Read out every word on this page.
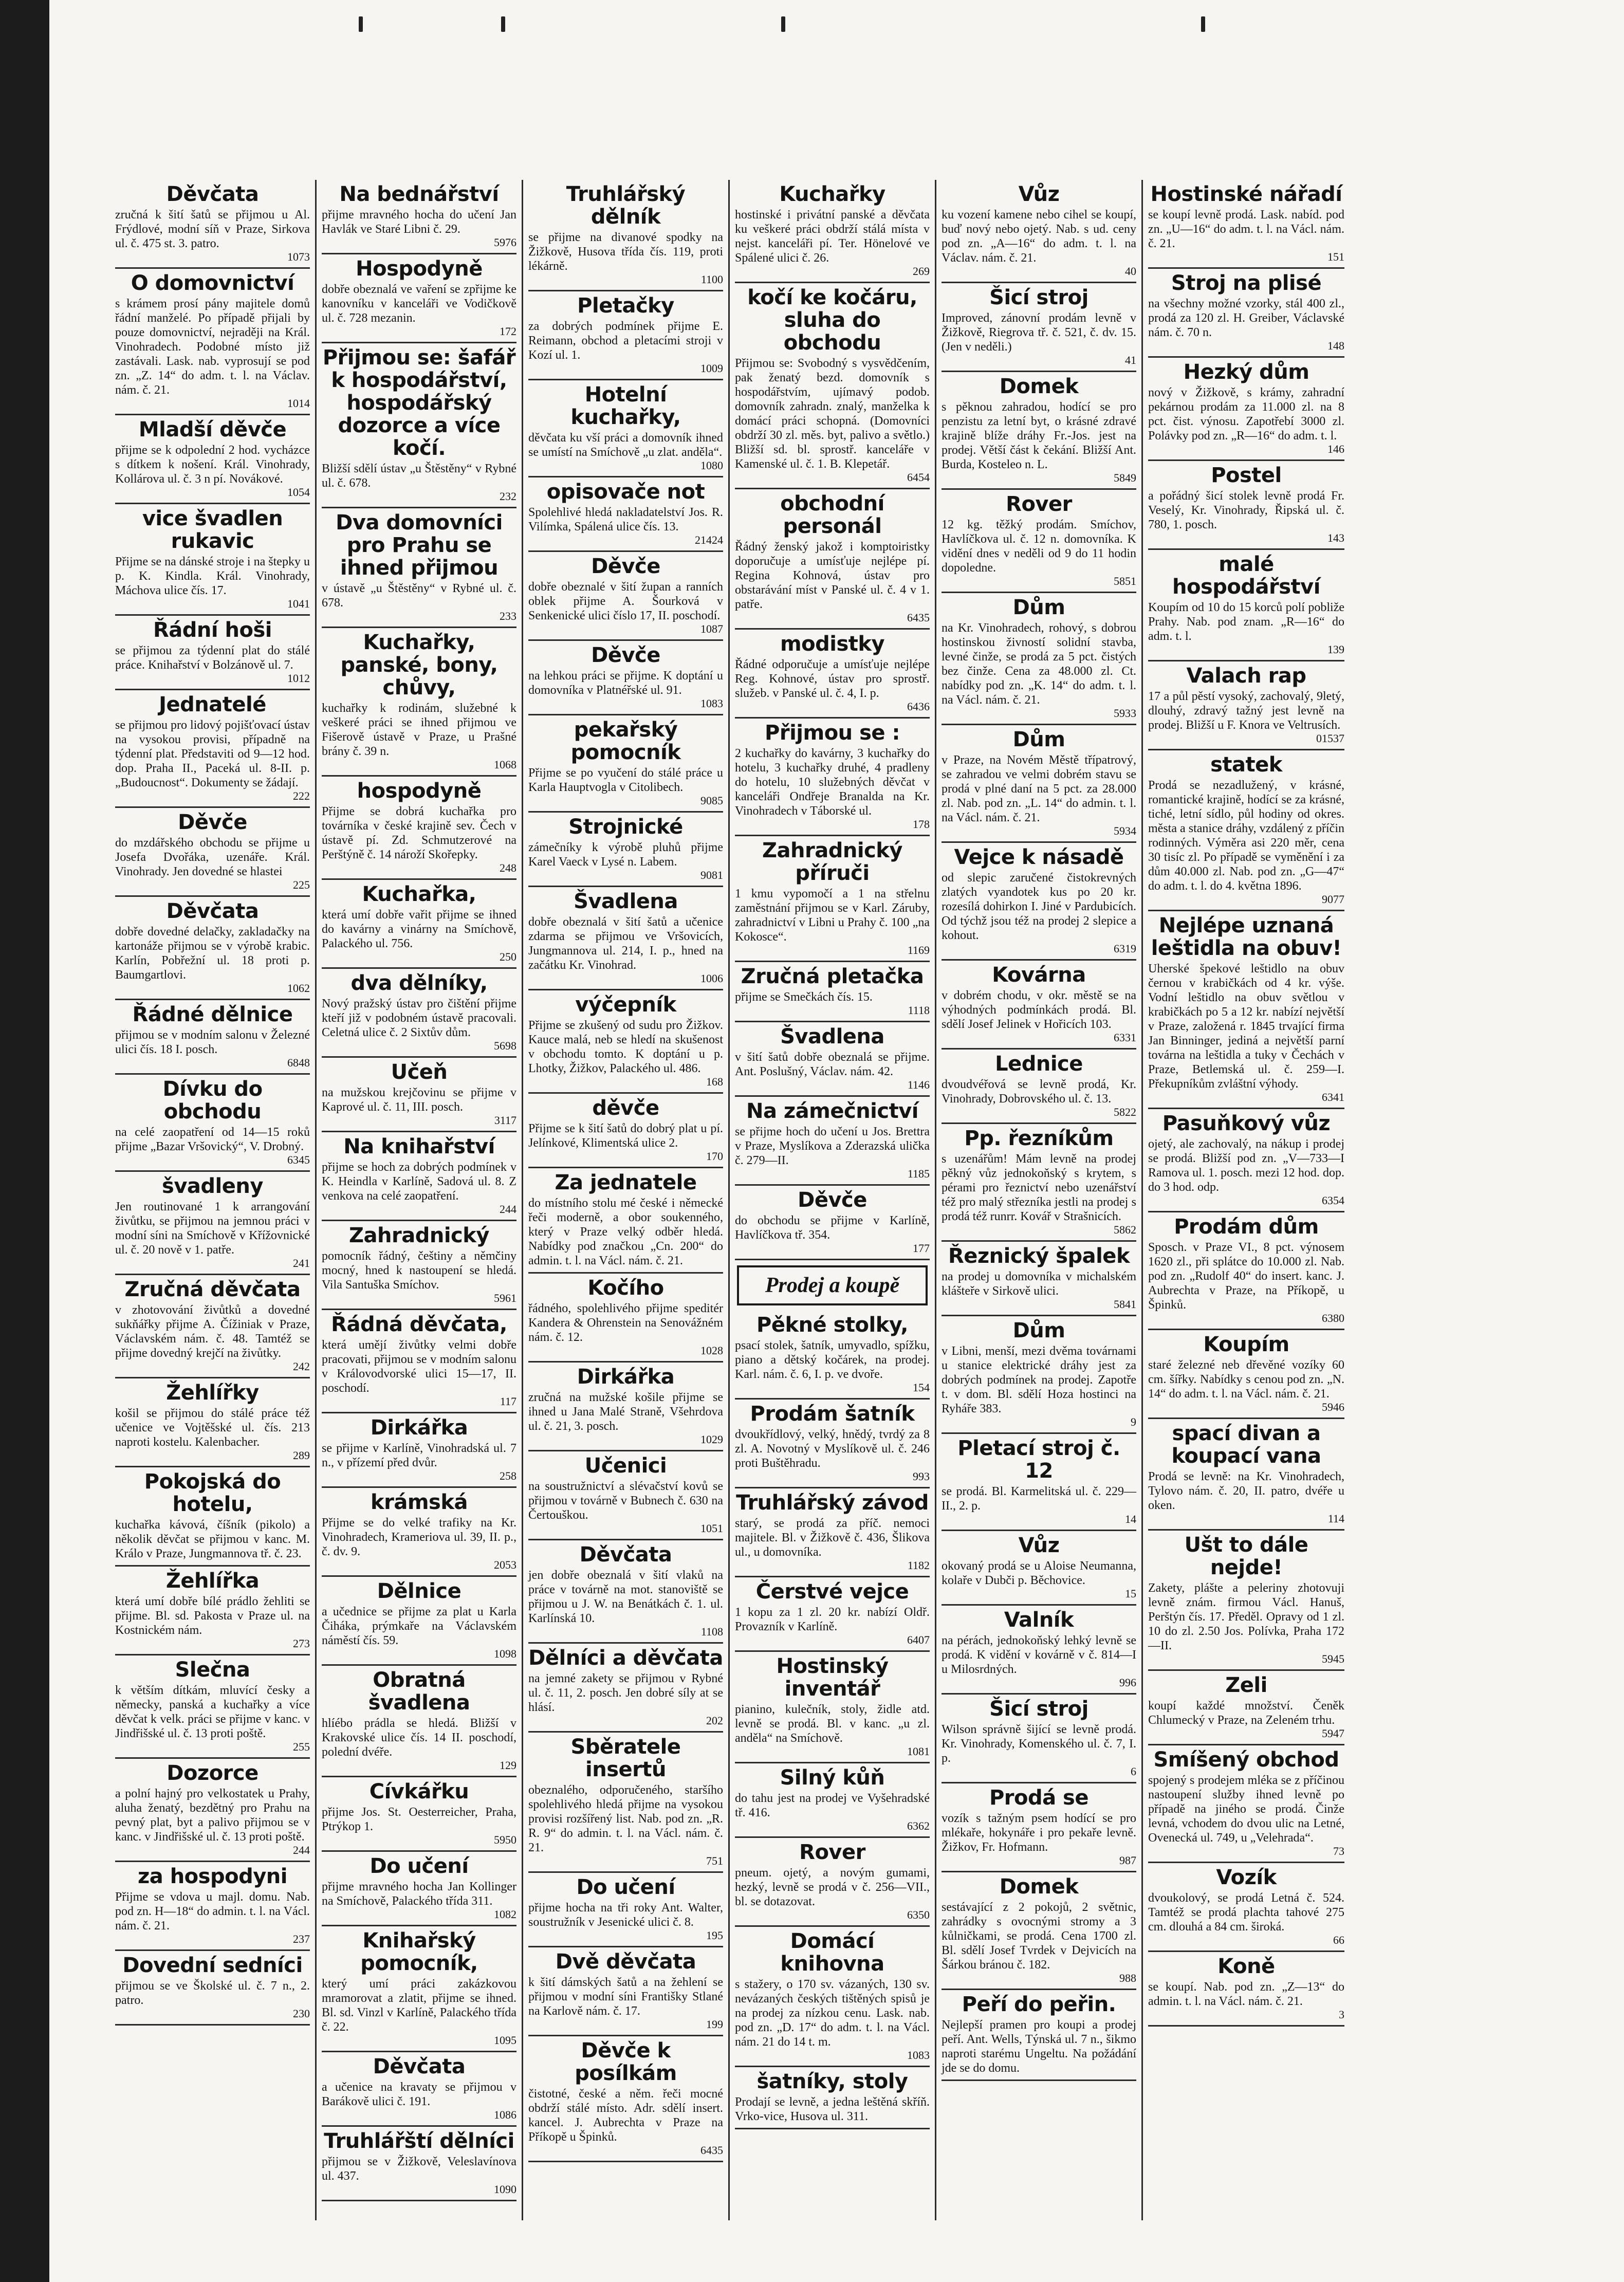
Děvčata

zručná k šití šatů se přijmou u Al. Frýdlové, modní síň v Praze, Sirkova ul. č. 475 st. 3. patro.

1073
O domovnictví

s krámem prosí pány majitele domů řádní manželé. Po případě přijali by pouze domovnictví, nejraději na Král. Vinohradech. Podobné místo již zastávali. Lask. nab. vyprosují se pod zn. „Z. 14“ do adm. t. l. na Václav. nám. č. 21.

1014
Mladší děvče

přijme se k odpolední 2 hod. vycházce s dítkem k nošení. Král. Vinohrady, Kollárova ul. č. 3 n pí. Novákové.

1054
vice švadlen rukavic

Přijme se na dánské stroje i na štepky u p. K. Kindla. Král. Vinohrady, Máchova ulice čís. 17.

1041
Řádní hoši

se přijmou za týdenní plat do stálé práce. Knihařství v Bolzánově ul. 7.

1012
Jednatelé

se přijmou pro lidový pojišťovací ústav na vysokou provisi, případně na týdenní plat. Představiti od 9—12 hod. dop. Praha II., Paceká ul. 8-II. p. „Budoucnost“. Dokumenty se žádají.

222
Děvče

do mzdářského obchodu se přijme u Josefa Dvořáka, uzenáře. Král. Vinohrady. Jen dovedné se hlastei

225
Děvčata

dobře dovedné delačky, zakladačky na kartonáže přijmou se v výrobě krabic. Karlín, Pobřežní ul. 18 proti p. Baumgartlovi.

1062
Řádné dělnice

přijmou se v modním salonu v Železné ulici čís. 18 I. posch.

6848
Dívku do obchodu

na celé zaopatření od 14—15 roků přijme „Bazar Vršovický“, V. Drobný.

6345
švadleny

Jen routinované 1 k arrangování živůtku, se přijmou na jemnou práci v modní síni na Smíchově v Křížovnické ul. č. 20 nově v 1. patře.

241
Zručná děvčata

v zhotovování živůtků a dovedné sukňářky přijme A. Čížiniak v Praze, Václavském nám. č. 48. Tamtéž se přijme dovedný krejčí na živůtky.

242
Žehlířky

košil se přijmou do stálé práce též učenice ve Vojtěšské ul. čís. 213 naproti kostelu. Kalenbacher.

289
Pokojská do hotelu,

kuchařka kávová, číšník (pikolo) a několik děvčat se přijmou v kanc. M. Králo v Praze, Jungmannova tř. č. 23.

Žehlířka

která umí dobře bílé prádlo žehliti se přijme. Bl. sd. Pakosta v Praze ul. na Kostnickém nám.

273
Slečna

k větším dítkám, mluvící česky a německy, panská a kuchařky a více děvčat k velk. práci se přijme v kanc. v Jindřišské ul. č. 13 proti poště.

255
Dozorce

a polní hajný pro velkostatek u Prahy, aluha ženatý, bezdětný pro Prahu na pevný plat, byt a palivo přijmou se v kanc. v Jindřišské ul. č. 13 proti poště.

244
za hospodyni

Přijme se vdova u majl. domu. Nab. pod zn. H—18“ do admin. t. l. na Václ. nám. č. 21.

237
Dovední sedníci

přijmou se ve Školské ul. č. 7 n., 2. patro.

230
Na bednářství

přijme mravného hocha do učení Jan Havlák ve Staré Libni č. 29.

5976
Hospodyně

dobře obeznalá ve vaření se zpřijme ke kanovníku v kanceláři ve Vodičkově ul. č. 728 mezanin.

172
Přijmou se: šafář k hospodářství, hospodářský dozorce a více kočí.

Bližší sdělí ústav „u Štěstěny“ v Rybné ul. č. 678.

232
Dva domovníci pro Prahu se ihned přijmou

v ústavě „u Štěstěny“ v Rybné ul. č. 678.

233
Kuchařky, panské, bony, chůvy,

kuchařky k rodinám, služebné k veškeré práci se ihned přijmou ve Fišerově ústavě v Praze, u Prašné brány č. 39 n.

1068
hospodyně

Přijme se dobrá kuchařka pro továrníka v české krajině sev. Čech v ústavě pí. Zd. Schmutzerové na Perštýně č. 14 nároží Skořepky.

248
Kuchařka,

která umí dobře vařit přijme se ihned do kavárny a vinárny na Smíchově, Palackého ul. 756.

250
dva dělníky,

Nový pražský ústav pro čištění přijme kteří již v podobném ústavě pracovali. Celetná ulice č. 2 Sixtův dům.

5698
Učeň

na mužskou krejčovinu se přijme v Kaprové ul. č. 11, III. posch.

3117
Na knihařství

přijme se hoch za dobrých podmínek v K. Heindla v Karlíně, Sadová ul. 8. Z venkova na celé zaopatření.

244
Zahradnický

pomocník řádný, češtiny a němčiny mocný, hned k nastoupení se hledá. Vila Santuška Smíchov.

5961
Řádná děvčata,

která umějí živůtky velmi dobře pracovati, přijmou se v modním salonu v Královodvorské ulici 15—17, II. poschodí.

117
Dirkářka

se přijme v Karlíně, Vinohradská ul. 7 n., v přízemí před dvůr.

258
krámská

Přijme se do velké trafiky na Kr. Vinohradech, Krameriova ul. 39, II. p., č. dv. 9.

2053
Dělnice

a učednice se přijme za plat u Karla Čiháka, prýmkaře na Václavském náměstí čís. 59.

1098
Obratná švadlena

hlíébo prádla se hledá. Bližší v Krakovské ulice čís. 14 II. poschodí, polední dvéře.

129
Cívkářku

přijme Jos. St. Oesterreicher, Praha, Ptrýkop 1.

5950
Do učení

přijme mravného hocha Jan Kollinger na Smíchově, Palackého třída 311.

1082
Knihařský pomocník,

který umí práci zakázkovou mramorovat a zlatit, přijme se ihned. Bl. sd. Vinzl v Karlíně, Palackého třída č. 22.

1095
Děvčata

a učenice na kravaty se přijmou v Barákově ulici č. 191.

1086
Truhlářští dělníci

přijmou se v Žižkově, Veleslavínova ul. 437.

1090
Truhlářský dělník

se přijme na divanové spodky na Žižkově, Husova třída čís. 119, proti lékárně.

1100
Pletačky

za dobrých podmínek přijme E. Reimann, obchod a pletacími stroji v Kozí ul. 1.

1009
Hotelní kuchařky,

děvčata ku vší práci a domovník ihned se umístí na Smíchově „u zlat. anděla“.

1080
opisovače not

Spolehlivé hledá nakladatelství Jos. R. Vilímka, Spálená ulice čís. 13.

21424
Děvče

dobře obeznalé v šití župan a ranních oblek přijme A. Šourková v Senkenické ulici číslo 17, II. poschodí.

1087
Děvče

na lehkou práci se přijme. K doptání u domovníka v Platnéřské ul. 91.

1083
pekařský pomocník

Přijme se po vyučení do stálé práce u Karla Hauptvogla v Citolibech.

9085
Strojnické

zámečníky k výrobě pluhů přijme Karel Vaeck v Lysé n. Labem.

9081
Švadlena

dobře obeznalá v šití šatů a učenice zdarma se přijmou ve Vršovicích, Jungmannova ul. 214, I. p., hned na začátku Kr. Vinohrad.

1006
výčepník

Přijme se zkušený od sudu pro Žižkov. Kauce malá, neb se hledí na skušenost v obchodu tomto. K doptání u p. Lhotky, Žižkov, Palackého ul. 486.

168
děvče

Přijme se k šití šatů do dobrý plat u pí. Jelínkové, Klimentská ulice 2.

170
Za jednatele

do místního stolu mé české i německé řeči moderně, a obor soukenného, který v Praze velký odběr hledá. Nabídky pod značkou „Cn. 200“ do admin. t. l. na Václ. nám. č. 21.

Kočího

řádného, spolehlivého přijme speditér Kandera & Ohrenstein na Senovážném nám. č. 12.

1028
Dirkářka

zručná na mužské košile přijme se ihned u Jana Malé Straně, Všehrdova ul. č. 21, 3. posch.

1029
Učenici

na soustružnictví a slévačství kovů se přijmou v továrně v Bubnech č. 630 na Čertouškou.

1051
Děvčata

jen dobře obeznalá v šití vlaků na práce v továrně na mot. stanoviště se přijmou u J. W. na Benátkách č. 1. ul. Karlínská 10.

1108
Dělníci a děvčata

na jemné zakety se přijmou v Rybné ul. č. 11, 2. posch. Jen dobré síly at se hlásí.

202
Sběratele insertů

obeznalého, odporučeného, staršího spolehlivého hledá přijme na vysokou provisi rozšířený list. Nab. pod zn. „R. R. 9“ do admin. t. l. na Václ. nám. č. 21.

751
Do učení

přijme hocha na tři roky Ant. Walter, soustružník v Jesenické ulici č. 8.

195
Dvě děvčata

k šití dámských šatů a na žehlení se přijmou v modní síni Františky Stlané na Karlově nám. č. 17.

199
Děvče k posílkám

čistotné, české a něm. řeči mocné obdrží stálé místo. Adr. sdělí insert. kancel. J. Aubrechta v Praze na Příkopě u Špinků.

6435
Kuchařky

hostinské i privátní panské a děvčata ku veškeré práci obdrží stálá místa v nejst. kanceláři pí. Ter. Hönelové ve Spálené ulici č. 26.

269
kočí ke kočáru, sluha do obchodu

Přijmou se: Svobodný s vysvědčením, pak ženatý bezd. domovník s hospodářstvím, ujímavý podob. domovník zahradn. znalý, manželka k domácí práci schopná. (Domovníci obdrží 30 zl. měs. byt, palivo a světlo.) Bližší sd. bl. sprostř. kanceláře v Kamenské ul. č. 1. B. Klepetář.

6454
obchodní personál

Řádný ženský jakož i komptoiristky doporučuje a umísťuje nejlépe pí. Regina Kohnová, ústav pro obstarávání míst v Panské ul. č. 4 v 1. patře.

6435
modistky

Řádné odporučuje a umísťuje nejlépe Reg. Kohnové, ústav pro sprostř. služeb. v Panské ul. č. 4, I. p.

6436
Přijmou se :

2 kuchařky do kavárny, 3 kuchařky do hotelu, 3 kuchařky druhé, 4 pradleny do hotelu, 10 služebných děvčat v kanceláři Ondřeje Branalda na Kr. Vinohradech v Táborské ul.

178
Zahradnický příruči

1 kmu vypomočí a 1 na střelnu zaměstnání přijmou se v Karl. Záruby, zahradnictví v Libni u Prahy č. 100 „na Kokosce“.

1169
Zručná pletačka

přijme se Smečkách čís. 15.

1118
Švadlena

v šití šatů dobře obeznalá se přijme. Ant. Poslušný, Václav. nám. 42.

1146
Na zámečnictví

se přijme hoch do učení u Jos. Brettra v Praze, Myslíkova a Zderazská ulička č. 279—II.

1185
Děvče

do obchodu se přijme v Karlíně, Havlíčkova tř. 354.

177
Prodej a koupě
Pěkné stolky,

psací stolek, šatník, umyvadlo, spížku, piano a dětský kočárek, na prodej. Karl. nám. č. 6, I. p. ve dvoře.

154
Prodám šatník

dvoukřídlový, velký, hnědý, tvrdý za 8 zl. A. Novotný v Myslíkově ul. č. 246 proti Buštěhradu.

993
Truhlářský závod

starý, se prodá za příč. nemoci majitele. Bl. v Žižkově č. 436, Šlikova ul., u domovníka.

1182
Čerstvé vejce

1 kopu za 1 zl. 20 kr. nabízí Oldř. Provazník v Karlíně.

6407
Hostinský inventář

pianino, kulečník, stoly, židle atd. levně se prodá. Bl. v kanc. „u zl. anděla“ na Smíchově.

1081
Silný kůň

do tahu jest na prodej ve Vyšehradské tř. 416.

6362
Rover

pneum. ojetý, a novým gumami, hezký, levně se prodá v č. 256—VII., bl. se dotazovat.

6350
Domácí knihovna

s stažery, o 170 sv. vázaných, 130 sv. nevázaných českých tištěných spisů je na prodej za nízkou cenu. Lask. nab. pod zn. „D. 17“ do adm. t. l. na Václ. nám. 21 do 14 t. m.

1083
šatníky, stoly

Prodají se levně, a jedna leštěná skříň. Vrko-vice, Husova ul. 311.

Vůz

ku vození kamene nebo cihel se koupí, buď nový nebo ojetý. Nab. s ud. ceny pod zn. „A—16“ do adm. t. l. na Václav. nám. č. 21.

40
Šicí stroj

Improved, zánovní prodám levně v Žižkově, Riegrova tř. č. 521, č. dv. 15. (Jen v neděli.)

41
Domek

s pěknou zahradou, hodící se pro penzistu za letní byt, o krásné zdravé krajině blíže dráhy Fr.-Jos. jest na prodej. Větší část k čekání. Bližší Ant. Burda, Kosteleo n. L.

5849
Rover

12 kg. těžký prodám. Smíchov, Havlíčkova ul. č. 12 n. domovníka. K vidění dnes v neděli od 9 do 11 hodin dopoledne.

5851
Dům

na Kr. Vinohradech, rohový, s dobrou hostinskou živností solidní stavba, levné činže, se prodá za 5 pct. čistých bez činže. Cena za 48.000 zl. Ct. nabídky pod zn. „K. 14“ do adm. t. l. na Václ. nám. č. 21.

5933
Dům

v Praze, na Novém Městě třípatrový, se zahradou ve velmi dobrém stavu se prodá v plné daní na 5 pct. za 28.000 zl. Nab. pod zn. „L. 14“ do admin. t. l. na Václ. nám. č. 21.

5934
Vejce k násadě

od slepic zaručené čistokrevných zlatých vyandotek kus po 20 kr. rozesílá dohirkon I. Jiné v Pardubicích. Od týchž jsou též na prodej 2 slepice a kohout.

6319
Kovárna

v dobrém chodu, v okr. městě se na výhodných podmínkách prodá. Bl. sdělí Josef Jelinek v Hořicích 103.

6331
Lednice

dvoudvéřová se levně prodá, Kr. Vinohrady, Dobrovského ul. č. 13.

5822
Pp. řezníkům

s uzenářům! Mám levně na prodej pěkný vůz jednokoňský s krytem, s pérami pro řeznictví nebo uzenářství též pro malý střezníka jestli na prodej s prodá též runrr. Kovář v Strašnicích.

5862
Řeznický špalek

na prodej u domovníka v michalském klášteře v Sirkově ulici.

5841
Dům

v Libni, menší, mezi dvěma továrnami u stanice elektrické dráhy jest za dobrých podmínek na prodej. Zapotře t. v dom. Bl. sdělí Hoza hostinci na Ryháře 383.

9
Pletací stroj č. 12

se prodá. Bl. Karmelitská ul. č. 229—II., 2. p.

14
Vůz

okovaný prodá se u Aloise Neumanna, kolaře v Dubči p. Běchovice.

15
Valník

na pérách, jednokoňský lehký levně se prodá. K vidění v kovárně v č. 814—I u Milosrdných.

996
Šicí stroj

Wilson správně šijící se levně prodá. Kr. Vinohrady, Komenského ul. č. 7, I. p.

6
Prodá se

vozík s tažným psem hodící se pro mlékaře, hokynáře i pro pekaře levně. Žižkov, Fr. Hofmann.

987
Domek

sestávající z 2 pokojů, 2 světnic, zahrádky s ovocnými stromy a 3 kůlničkami, se prodá. Cena 1700 zl. Bl. sdělí Josef Tvrdek v Dejvicích na Šárkou bránou č. 182.

988
Peří do peřin.

Nejlepší pramen pro koupi a prodej peří. Ant. Wells, Týnská ul. 7 n., šikmo naproti starému Ungeltu. Na požádání jde se do domu.

Hostinské nářadí

se koupí levně prodá. Lask. nabíd. pod zn. „U—16“ do adm. t. l. na Václ. nám. č. 21.

151
Stroj na plisé

na všechny možné vzorky, stál 400 zl., prodá za 120 zl. H. Greiber, Václavské nám. č. 70 n.

148
Hezký dům

nový v Žižkově, s krámy, zahradní pekárnou prodám za 11.000 zl. na 8 pct. čist. výnosu. Zapotřebí 3000 zl. Polávky pod zn. „R—16“ do adm. t. l.

146
Postel

a pořádný šicí stolek levně prodá Fr. Veselý, Kr. Vinohrady, Řipská ul. č. 780, 1. posch.

143
malé hospodářství

Koupím od 10 do 15 korců polí pobliže Prahy. Nab. pod znam. „R—16“ do adm. t. l.

139
Valach rap

17 a půl pěstí vysoký, zachovalý, 9letý, dlouhý, zdravý tažný jest levně na prodej. Bližší u F. Knora ve Veltrusích.

01537
statek

Prodá se nezadlužený, v krásné, romantické krajině, hodící se za krásné, tiché, letní sídlo, půl hodiny od okres. města a stanice dráhy, vzdálený z příčin rodinných. Výměra asi 220 měr, cena 30 tisíc zl. Po případě se vyměnění i za dům 40.000 zl. Nab. pod zn. „G—47“ do adm. t. l. do 4. května 1896.

9077
Nejlépe uznaná leštidla na obuv!

Uherské špekové leštidlo na obuv černou v krabičkách od 4 kr. výše. Vodní leštidlo na obuv světlou v krabičkách po 5 a 12 kr. nabízí největší v Praze, založená r. 1845 trvající firma Jan Binninger, jediná a největší parní továrna na leštidla a tuky v Čechách v Praze, Betlemská ul. č. 259—I. Překupníkům zvláštní výhody.

6341
Pasuňkový vůz

ojetý, ale zachovalý, na nákup i prodej se prodá. Bližší pod zn. „V—733—I Ramova ul. 1. posch. mezi 12 hod. dop. do 3 hod. odp.

6354
Prodám dům

Sposch. v Praze VI., 8 pct. výnosem 1620 zl., při splátce do 10.000 zl. Nab. pod zn. „Rudolf 40“ do insert. kanc. J. Aubrechta v Praze, na Příkopě, u Špinků.

6380
Koupím

staré železné neb dřevěné vozíky 60 cm. šířky. Nabídky s cenou pod zn. „N. 14“ do adm. t. l. na Václ. nám. č. 21.

5946
spací divan a koupací vana

Prodá se levně: na Kr. Vinohradech, Tylovo nám. č. 20, II. patro, dvéře u oken.

114
Ušt to dále nejde!

Zakety, plášte a peleriny zhotovuji levně znám. firmou Václ. Hanuš, Perštýn čís. 17. Předěl. Opravy od 1 zl. 10 do zl. 2.50 Jos. Polívka, Praha 172—II.

5945
Zeli

koupí každé množství. Čeněk Chlumecký v Praze, na Zeleném trhu.

5947
Smíšený obchod

spojený s prodejem mléka se z příčinou nastoupení služby ihned levně po případě na jiného se prodá. Činže levná, vchodem do dvou ulic na Letné, Ovenecká ul. 749, u „Velehrada“.

73
Vozík

dvoukolový, se prodá Letná č. 524. Tamtéž se prodá plachta tahové 275 cm. dlouhá a 84 cm. široká.

66
Koně

se koupí. Nab. pod zn. „Z—13“ do admin. t. l. na Václ. nám. č. 21.

3
